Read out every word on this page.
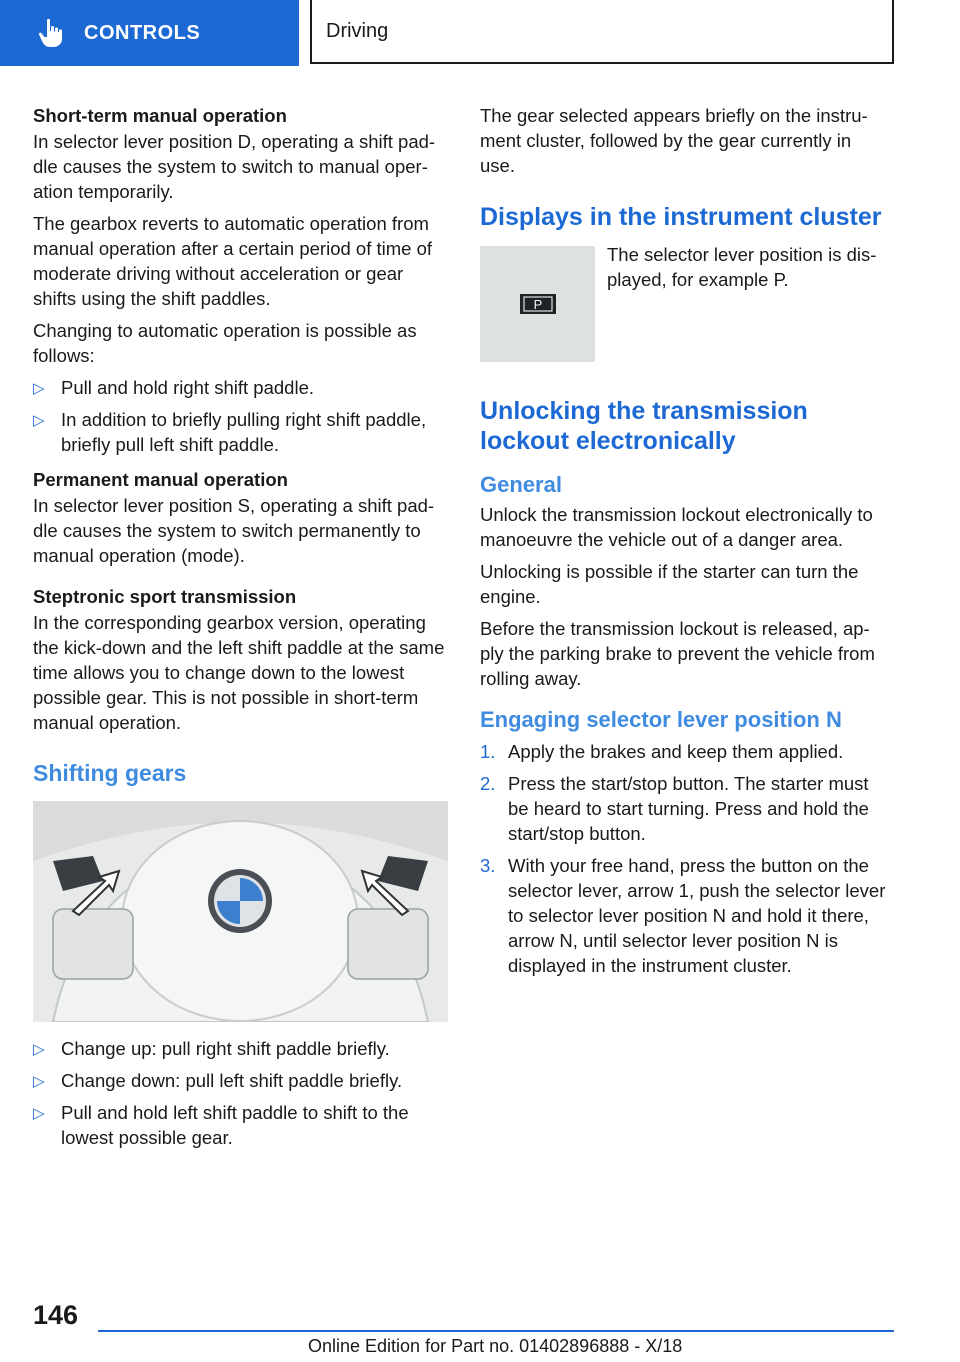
CONTROLS	Driving
Short-term manual operation

In selector lever position D, operating a shift pad-dle causes the system to switch to manual oper-ation temporarily.

The gearbox reverts to automatic operation from manual operation after a certain period of time of moderate driving without acceleration or gear shifts using the shift paddles.

Changing to automatic operation is possible as follows:

▷ Pull and hold right shift paddle.
▷ In addition to briefly pulling right shift paddle, briefly pull left shift paddle.
Permanent manual operation

In selector lever position S, operating a shift pad-dle causes the system to switch permanently to manual operation (mode).

Steptronic sport transmission

In the corresponding gearbox version, operating the kick-down and the left shift paddle at the same time allows you to change down to the lowest possible gear. This is not possible in short-term manual operation.

Shifting gears
▷ Change up: pull right shift paddle briefly.
▷ Change down: pull left shift paddle briefly.
▷ Pull and hold left shift paddle to shift to the lowest possible gear.

The gear selected appears briefly on the instru-ment cluster, followed by the gear currently in use.

Displays in the instrument cluster
P

The selector lever position is dis-played, for example P.

Unlocking the transmission lockout electronically
General

Unlock the transmission lockout electronically to manoeuvre the vehicle out of a danger area.

Unlocking is possible if the starter can turn the engine.

Before the transmission lockout is released, ap-ply the parking brake to prevent the vehicle from rolling away.

Engaging selector lever position N
1. Apply the brakes and keep them applied.
2. Press the start/stop button. The starter must be heard to start turning. Press and hold the start/stop button.
3. With your free hand, press the button on the selector lever, arrow 1, push the selector lever to selector lever position N and hold it there, arrow N, until selector lever position N is displayed in the instrument cluster.
146
Online Edition for Part no. 01402896888 - X/18
